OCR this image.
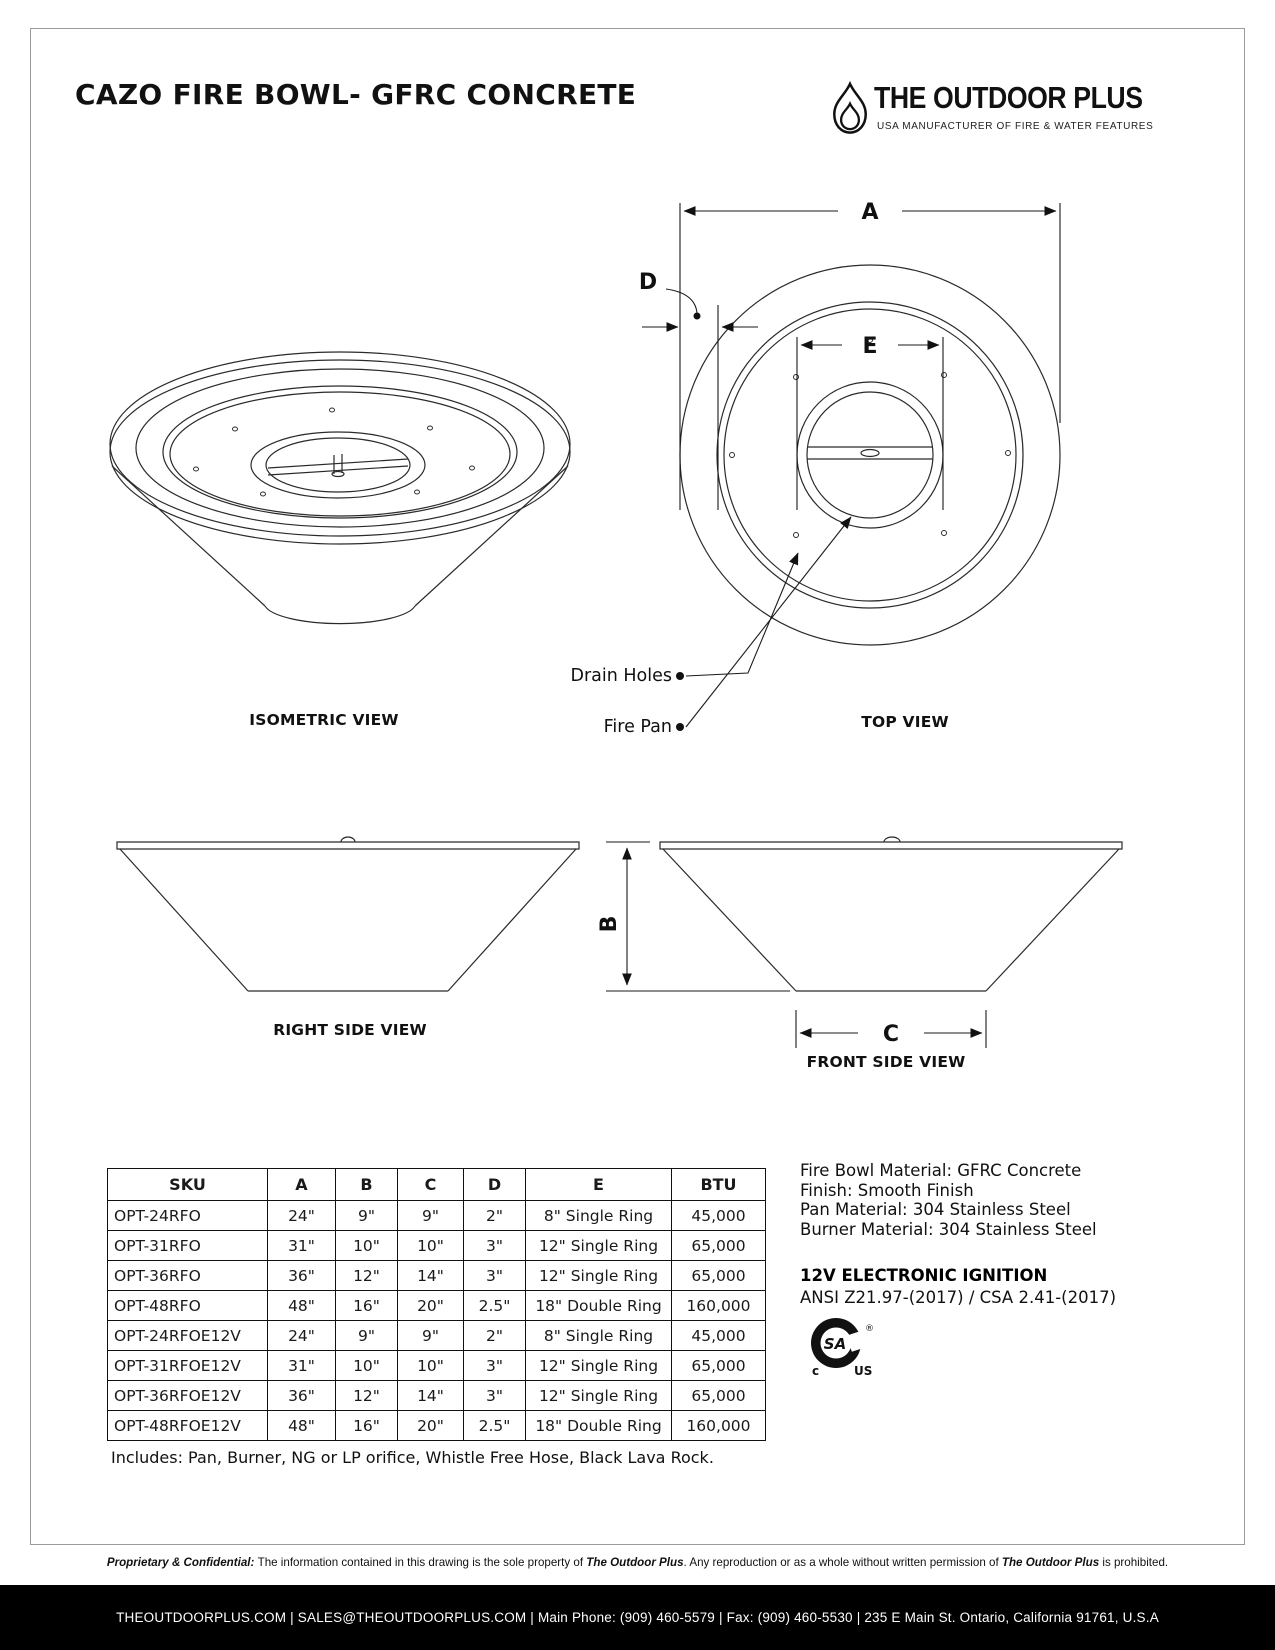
CAZO FIRE BOWL- GFRC CONCRETE	THE OUTDOOR PLUS
USA MANUFACTURER OF FIRE & WATER FEATURES
ISOMETRIC VIEW
A
D
E
Drain Holes
Fire Pan	TOP VIEW
RIGHT SIDE VIEW
B
C
FRONT SIDE VIEW
SKU	A	B	C	D	E	BTU
OPT-24RFO	24"	9"	9"	2"	8" Single Ring	45,000
OPT-31RFO	31"	10"	10"	3"	12" Single Ring	65,000
OPT-36RFO	36"	12"	14"	3"	12" Single Ring	65,000
OPT-48RFO	48"	16"	20"	2.5"	18" Double Ring	160,000
OPT-24RFOE12V	24"	9"	9"	2"	8" Single Ring	45,000
OPT-31RFOE12V	31"	10"	10"	3"	12" Single Ring	65,000
OPT-36RFOE12V	36"	12"	14"	3"	12" Single Ring	65,000
OPT-48RFOE12V	48"	16"	20"	2.5"	18" Double Ring	160,000
Fire Bowl Material: GFRC Concrete
Finish: Smooth Finish
Pan Material: 304 Stainless Steel
Burner Material: 304 Stainless Steel
12V ELECTRONIC IGNITION
ANSI Z21.97-(2017) / CSA 2.41-(2017)
SA
®
c	US
Includes: Pan, Burner, NG or LP orifice, Whistle Free Hose, Black Lava Rock.
Proprietary & Confidential: The information contained in this drawing is the sole property of The Outdoor Plus. Any reproduction or as a whole without written permission of The Outdoor Plus is prohibited.
THEOUTDOORPLUS.COM | SALES@THEOUTDOORPLUS.COM | Main Phone: (909) 460-5579 | Fax: (909) 460-5530 | 235 E Main St. Ontario, California 91761, U.S.A
